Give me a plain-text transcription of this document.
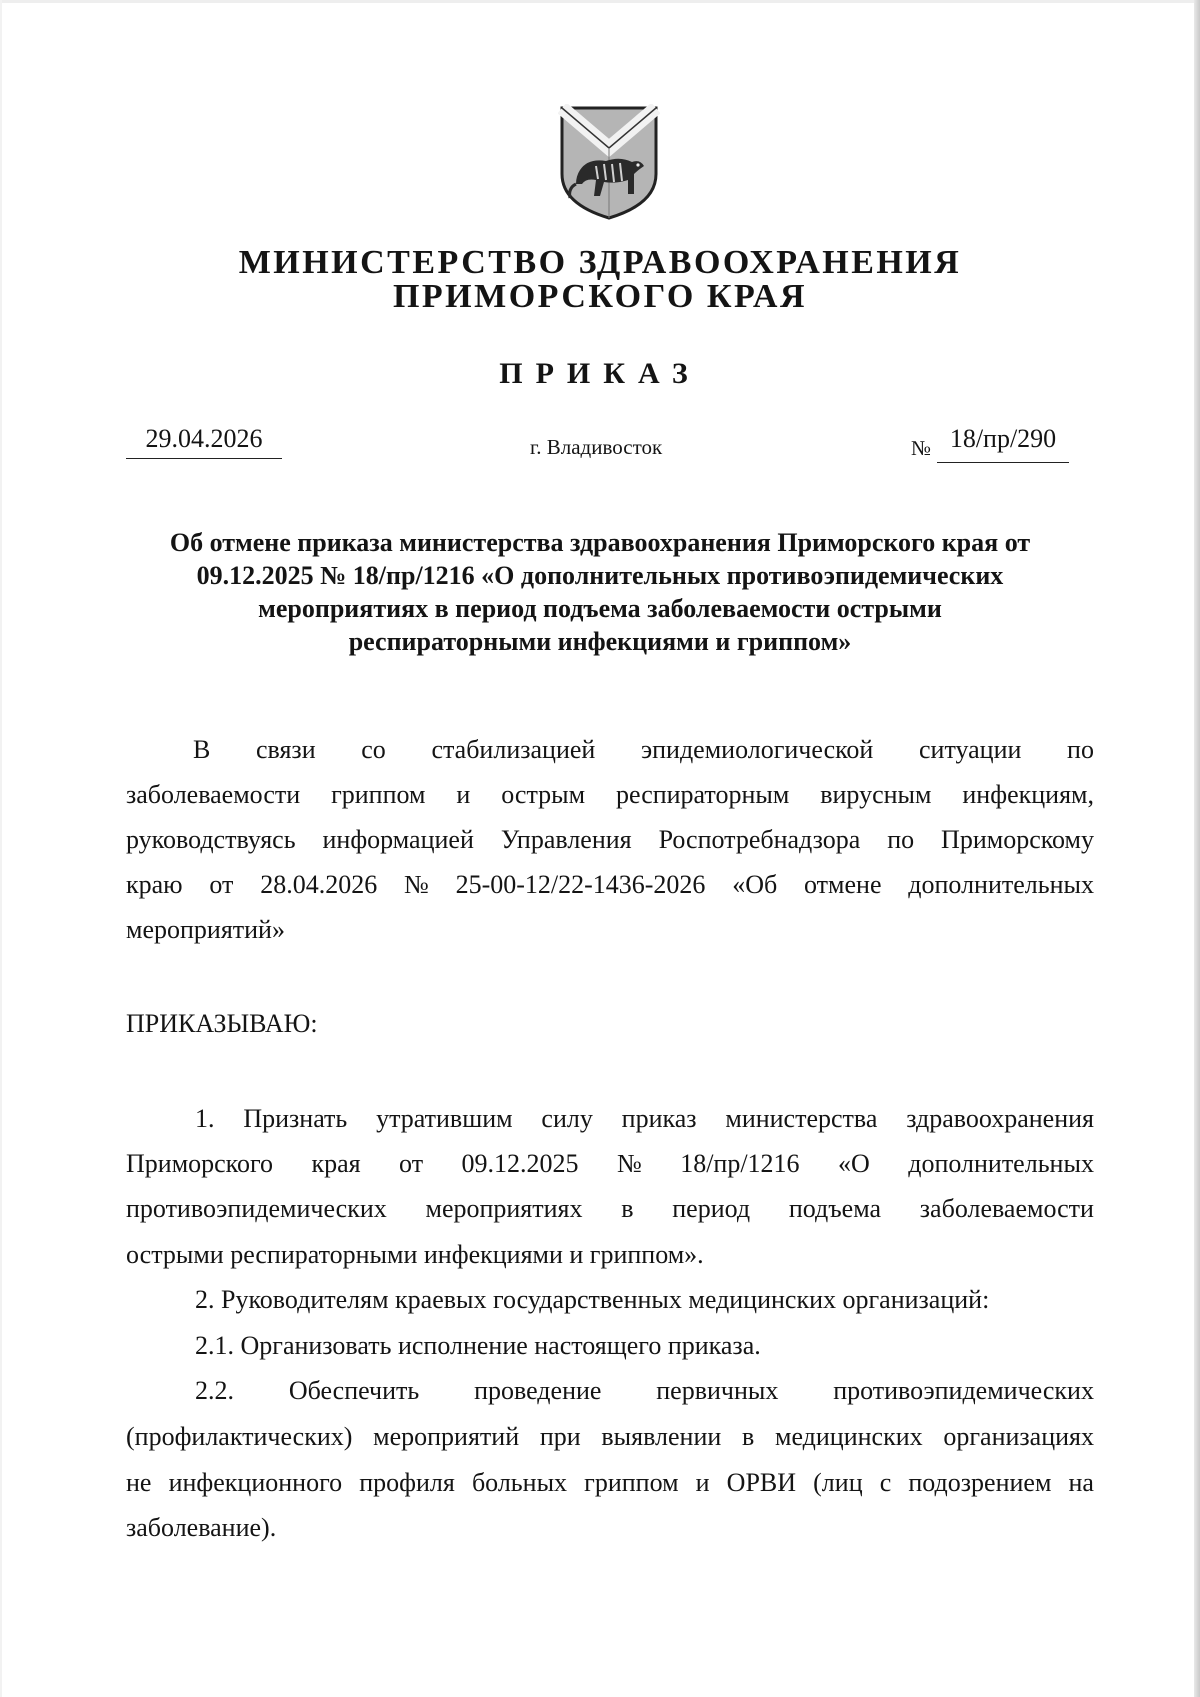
МИНИСТЕРСТВО ЗДРАВООХРАНЕНИЯ
ПРИМОРСКОГО КРАЯ
ПРИКАЗ
29.04.2026	г. Владивосток	№ 18/пр/290
Об отмене приказа министерства здравоохранения Приморского края от
09.12.2025 № 18/пр/1216 «О дополнительных противоэпидемических
мероприятиях в период подъема заболеваемости острыми
респираторными инфекциями и гриппом»
В связи со стабилизацией эпидемиологической ситуации по
заболеваемости гриппом и острым респираторным вирусным инфекциям,
руководствуясь информацией Управления Роспотребнадзора по Приморскому
краю от 28.04.2026 № 25-00-12/22-1436-2026 «Об отмене дополнительных
мероприятий»
ПРИКАЗЫВАЮ:
1. Признать утратившим силу приказ министерства здравоохранения
Приморского края от 09.12.2025 № 18/пр/1216 «О дополнительных
противоэпидемических мероприятиях в период подъема заболеваемости
острыми респираторными инфекциями и гриппом».
2. Руководителям краевых государственных медицинских организаций:
2.1. Организовать исполнение настоящего приказа.
2.2. Обеспечить проведение первичных противоэпидемических
(профилактических) мероприятий при выявлении в медицинских организациях
не инфекционного профиля больных гриппом и ОРВИ (лиц с подозрением на
заболевание).
